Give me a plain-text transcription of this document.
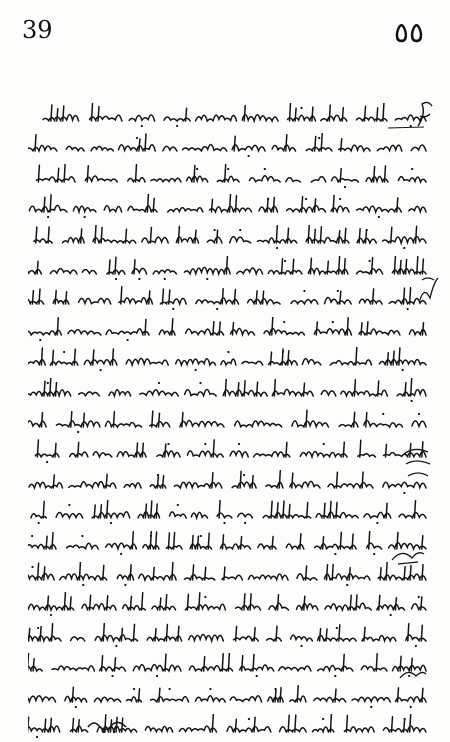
39	٥٥
